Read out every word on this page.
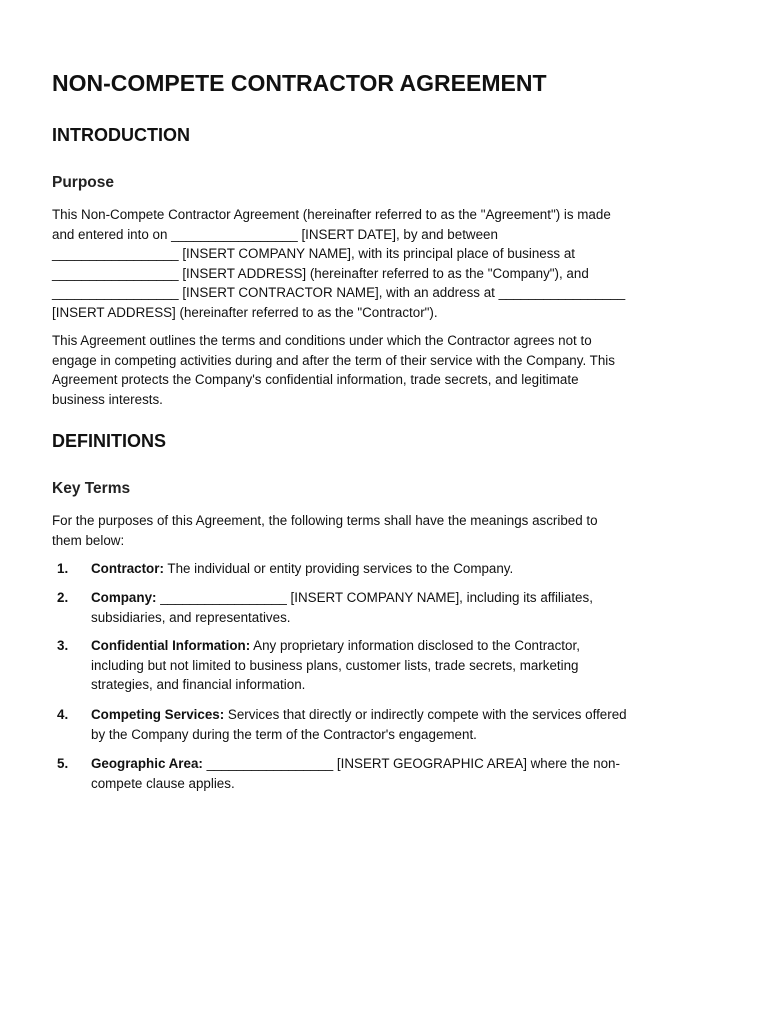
NON-COMPETE CONTRACTOR AGREEMENT
INTRODUCTION
Purpose

This Non-Compete Contractor Agreement (hereinafter referred to as the "Agreement") is made
and entered into on _________________ [INSERT DATE], by and between
_________________ [INSERT COMPANY NAME], with its principal place of business at
_________________ [INSERT ADDRESS] (hereinafter referred to as the "Company"), and
_________________ [INSERT CONTRACTOR NAME], with an address at _________________
[INSERT ADDRESS] (hereinafter referred to as the "Contractor").

This Agreement outlines the terms and conditions under which the Contractor agrees not to
engage in competing activities during and after the term of their service with the Company. This
Agreement protects the Company's confidential information, trade secrets, and legitimate
business interests.

DEFINITIONS
Key Terms

For the purposes of this Agreement, the following terms shall have the meanings ascribed to
them below:

1. Contractor: The individual or entity providing services to the Company.
2. Company: _________________ [INSERT COMPANY NAME], including its affiliates,
subsidiaries, and representatives.
3. Confidential Information: Any proprietary information disclosed to the Contractor,
including but not limited to business plans, customer lists, trade secrets, marketing
strategies, and financial information.
4. Competing Services: Services that directly or indirectly compete with the services offered
by the Company during the term of the Contractor's engagement.
5. Geographic Area: _________________ [INSERT GEOGRAPHIC AREA] where the non-
compete clause applies.
